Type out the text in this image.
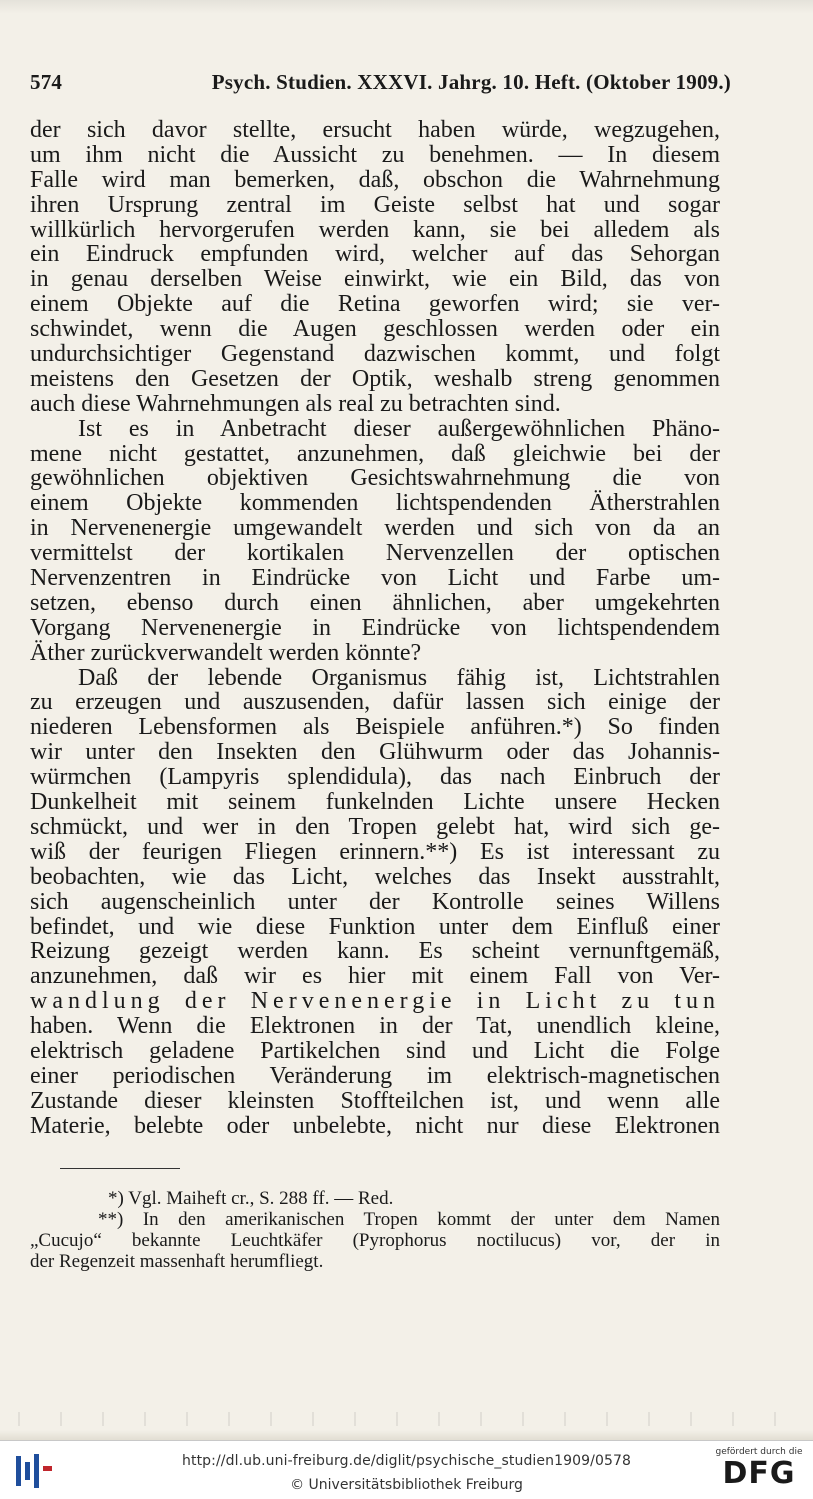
574	Psych. Studien. XXXVI. Jahrg. 10. Heft. (Oktober 1909.)
der sich davor stellte, ersucht haben würde, wegzugehen,
um ihm nicht die Aussicht zu benehmen. — In diesem
Falle wird man bemerken, daß, obschon die Wahrnehmung
ihren Ursprung zentral im Geiste selbst hat und sogar
willkürlich hervorgerufen werden kann, sie bei alledem als
ein Eindruck empfunden wird, welcher auf das Sehorgan
in genau derselben Weise einwirkt, wie ein Bild, das von
einem Objekte auf die Retina geworfen wird; sie ver-
schwindet, wenn die Augen geschlossen werden oder ein
undurchsichtiger Gegenstand dazwischen kommt, und folgt
meistens den Gesetzen der Optik, weshalb streng genommen
auch diese Wahrnehmungen als real zu betrachten sind.
Ist es in Anbetracht dieser außergewöhnlichen Phäno-
mene nicht gestattet, anzunehmen, daß gleichwie bei der
gewöhnlichen objektiven Gesichtswahrnehmung die von
einem Objekte kommenden lichtspendenden Ätherstrahlen
in Nervenenergie umgewandelt werden und sich von da an
vermittelst der kortikalen Nervenzellen der optischen
Nervenzentren in Eindrücke von Licht und Farbe um-
setzen, ebenso durch einen ähnlichen, aber umgekehrten
Vorgang Nervenenergie in Eindrücke von lichtspendendem
Äther zurückverwandelt werden könnte?
Daß der lebende Organismus fähig ist, Lichtstrahlen
zu erzeugen und auszusenden, dafür lassen sich einige der
niederen Lebensformen als Beispiele anführen.*) So finden
wir unter den Insekten den Glühwurm oder das Johannis-
würmchen (Lampyris splendidula), das nach Einbruch der
Dunkelheit mit seinem funkelnden Lichte unsere Hecken
schmückt, und wer in den Tropen gelebt hat, wird sich ge-
wiß der feurigen Fliegen erinnern.**) Es ist interessant zu
beobachten, wie das Licht, welches das Insekt ausstrahlt,
sich augenscheinlich unter der Kontrolle seines Willens
befindet, und wie diese Funktion unter dem Einfluß einer
Reizung gezeigt werden kann. Es scheint vernunftgemäß,
anzunehmen, daß wir es hier mit einem Fall von Ver-
wandlung der Nervenenergie in Licht zu tun
haben. Wenn die Elektronen in der Tat, unendlich kleine,
elektrisch geladene Partikelchen sind und Licht die Folge
einer periodischen Veränderung im elektrisch-magnetischen
Zustande dieser kleinsten Stoffteilchen ist, und wenn alle
Materie, belebte oder unbelebte, nicht nur diese Elektronen
*) Vgl. Maiheft cr., S. 288 ff. — Red.
**) In den amerikanischen Tropen kommt der unter dem Namen
„Cucujo“ bekannte Leuchtkäfer (Pyrophorus noctilucus) vor, der in
der Regenzeit massenhaft herumfliegt.
http://dl.ub.uni-freiburg.de/diglit/psychische_studien1909/0578
© Universitätsbibliothek Freiburg
gefördert durch die
DFG
